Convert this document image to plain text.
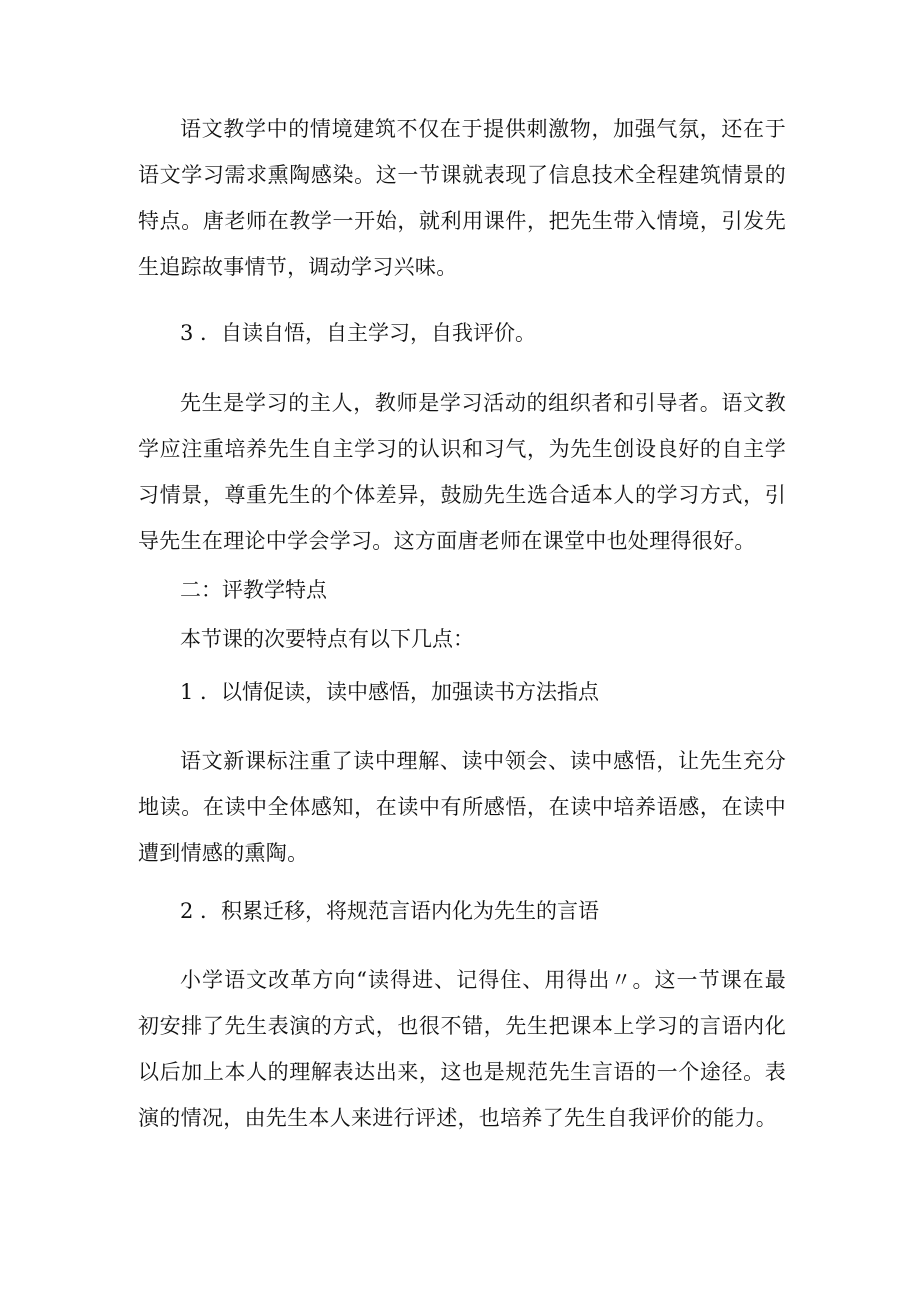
语文教学中的情境建筑不仅在于提供刺激物，加强气氛，还在于语文学习需求熏陶感染。这一节课就表现了信息技术全程建筑情景的特点。唐老师在教学一开始，就利用课件，把先生带入情境，引发先生追踪故事情节，调动学习兴味。

3 ．自读自悟，自主学习，自我评价。

先生是学习的主人，教师是学习活动的组织者和引导者。语文教学应注重培养先生自主学习的认识和习气，为先生创设良好的自主学习情景，尊重先生的个体差异，鼓励先生选合适本人的学习方式，引导先生在理论中学会学习。这方面唐老师在课堂中也处理得很好。

二：评教学特点

本节课的次要特点有以下几点：

1 ．以情促读，读中感悟，加强读书方法指点

语文新课标注重了读中理解、读中领会、读中感悟，让先生充分地读。在读中全体感知，在读中有所感悟，在读中培养语感，在读中遭到情感的熏陶。

2 ．积累迁移，将规范言语内化为先生的言语

小学语文改革方向“读得进、记得住、用得出〃。这一节课在最初安排了先生表演的方式，也很不错，先生把课本上学习的言语内化以后加上本人的理解表达出来，这也是规范先生言语的一个途径。表演的情况，由先生本人来进行评述，也培养了先生自我评价的能力。
